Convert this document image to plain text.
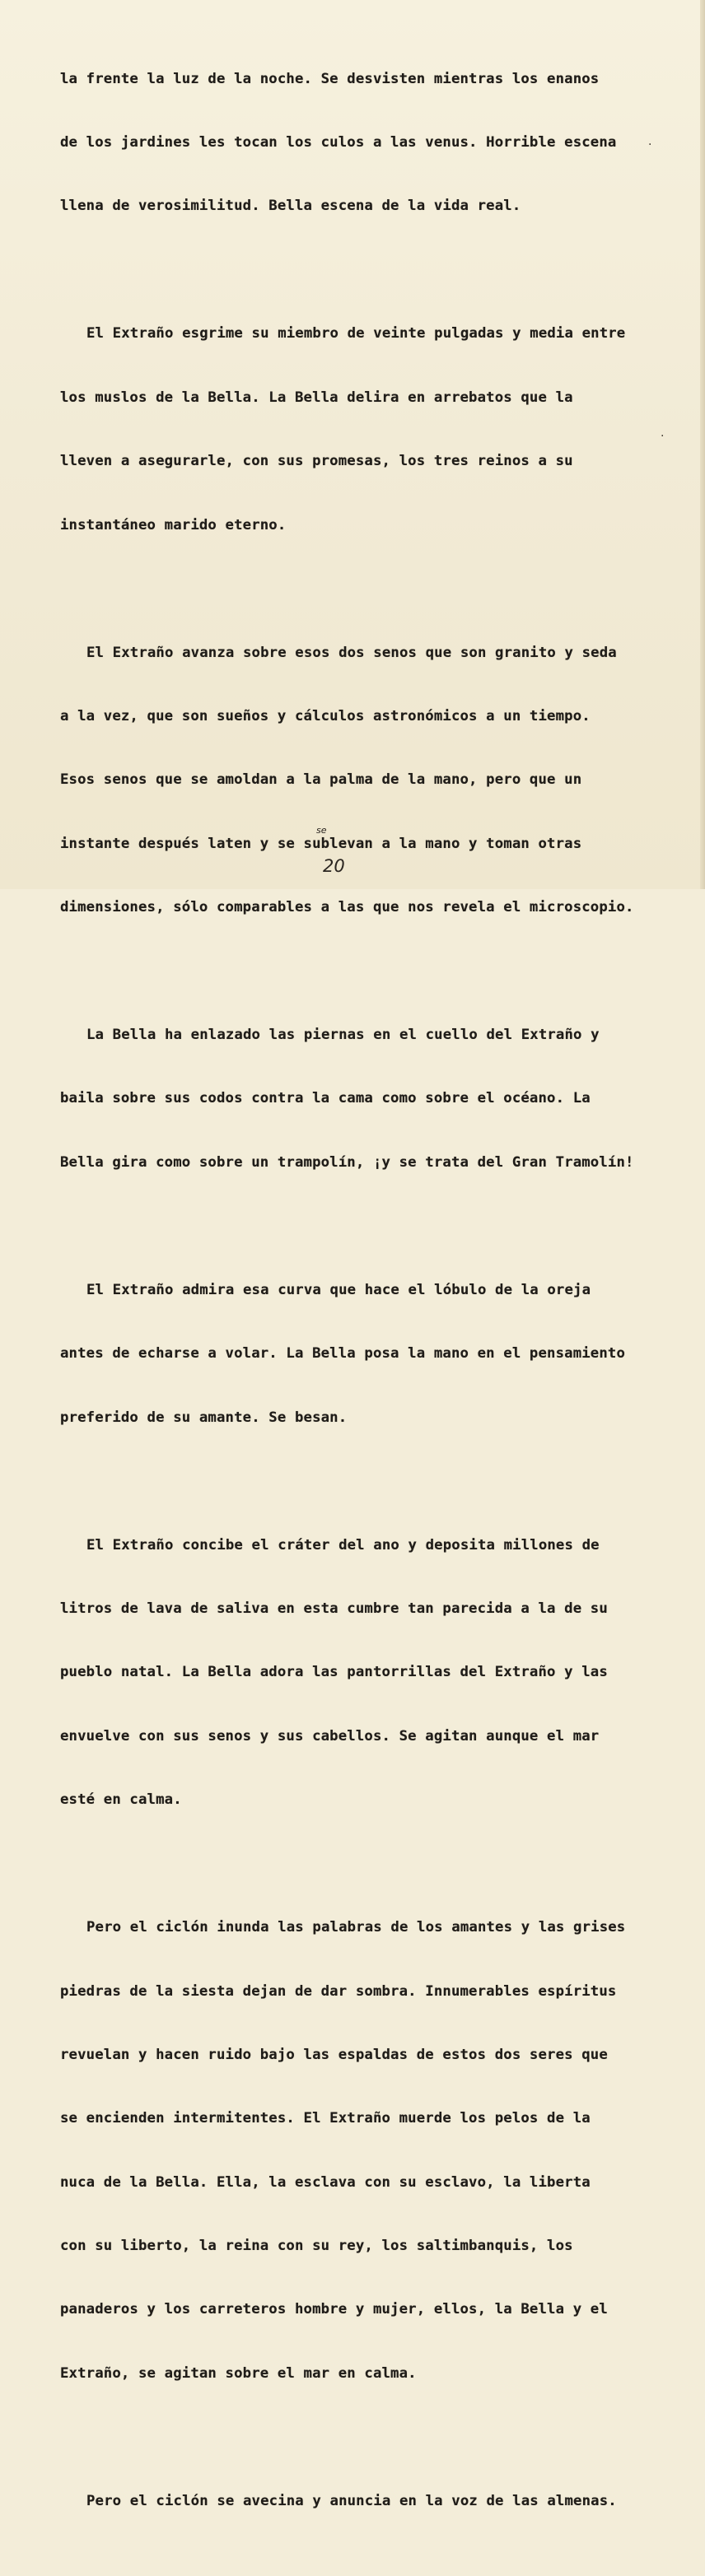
la frente la luz de la noche. Se desvisten mientras los enanos

de los jardines les tocan los culos a las venus. Horrible escena

llena de verosimilitud. Bella escena de la vida real.

El Extraño esgrime su miembro de veinte pulgadas y media entre

los muslos de la Bella. La Bella delira en arrebatos que la

lleven a asegurarle, con sus promesas, los tres reinos a su

instantáneo marido eterno.

El Extraño avanza sobre esos dos senos que son granito y seda

a la vez, que son sueños y cálculos astronómicos a un tiempo.

Esos senos que se amoldan a la palma de la mano, pero que un

instante después laten y se sublevan a la mano y toman otras

dimensiones, sólo comparables a las que nos revela el microscopio.

La Bella ha enlazado las piernas en el cuello del Extraño y

baila sobre sus codos contra la cama como sobre el océano. La

Bella gira como sobre un trampolín, ¡y se trata del Gran Tramolín!

El Extraño admira esa curva que hace el lóbulo de la oreja

antes de echarse a volar. La Bella posa la mano en el pensamiento

preferido de su amante. Se besan.

El Extraño concibe el cráter del ano y deposita millones de

litros de lava de saliva en esta cumbre tan parecida a la de su

pueblo natal. La Bella adora las pantorrillas del Extraño y las

envuelve con sus senos y sus cabellos. Se agitan aunque el mar

esté en calma.

Pero el ciclón inunda las palabras de los amantes y las grises

piedras de la siesta dejan de dar sombra. Innumerables espíritus

revuelan y hacen ruido bajo las espaldas de estos dos seres que

se encienden intermitentes. El Extraño muerde los pelos de la

nuca de la Bella. Ella, la esclava con su esclavo, la liberta

con su liberto, la reina con su rey, los saltimbanquis, los

panaderos y los carreteros hombre y mujer, ellos, la Bella y el

Extraño, se agitan sobre el mar en calma.

Pero el ciclón se avecina y anuncia en la voz de las almenas.

se
·
·
20
